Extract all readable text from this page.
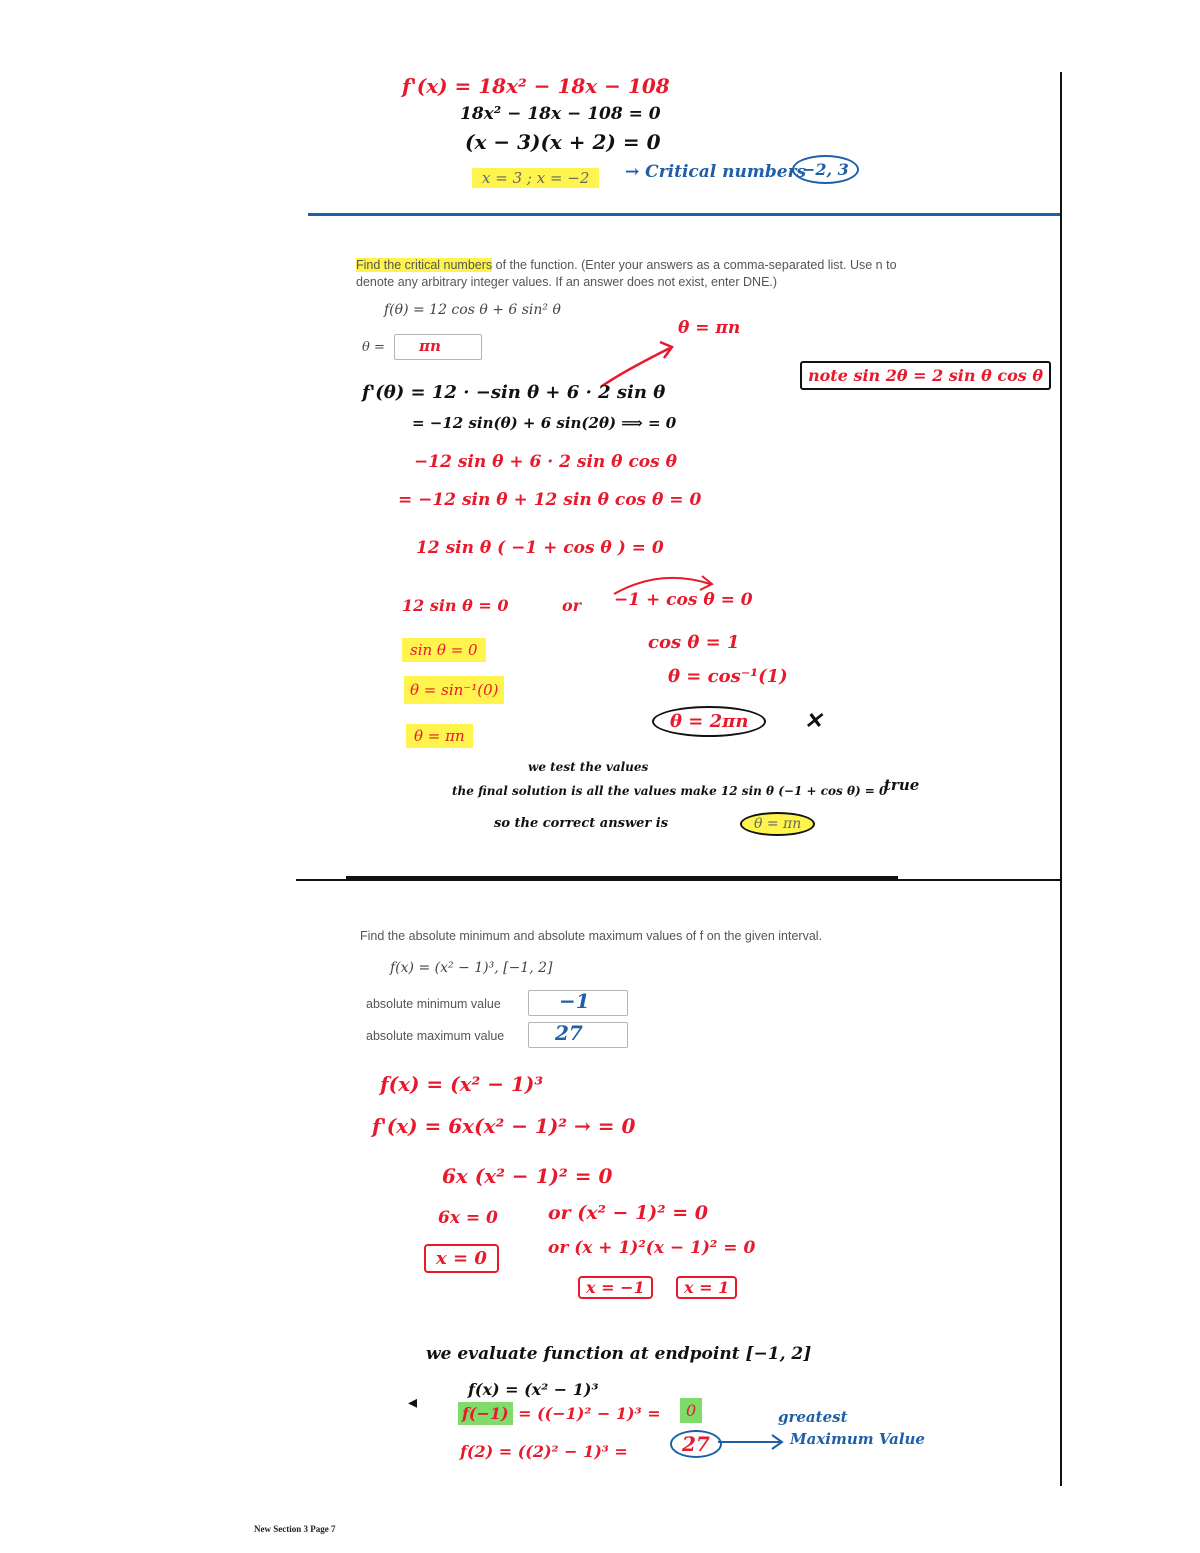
f'(x) = 18x² − 18x − 108
18x² − 18x − 108 = 0
(x − 3)(x + 2) = 0
x = 3 ; x = −2	→ Critical numbers
−2, 3
Find the critical numbers of the function. (Enter your answers as a comma-separated list. Use n to denote any arbitrary integer values. If an answer does not exist, enter DNE.)
f(θ) = 12 cos θ + 6 sin² θ
θ = πn
θ = πn
note sin 2θ = 2 sin θ cos θ
f'(θ) = 12 · −sin θ + 6 · 2 sin θ
= −12 sin(θ) + 6 sin(2θ) ⟹ = 0
−12 sin θ + 6 · 2 sin θ cos θ
= −12 sin θ + 12 sin θ cos θ = 0
12 sin θ ( −1 + cos θ ) = 0
12 sin θ = 0	or −1 + cos θ = 0
sin θ = 0	cos θ = 1
θ = sin⁻¹(0)
θ = cos⁻¹(1)
θ = πn
θ = 2πn	✕
we test the values
the final solution is all the values make 12 sin θ (−1 + cos θ) = 0
true
so the correct answer is	θ = πn
Find the absolute minimum and absolute maximum values of f on the given interval.
f(x) = (x² − 1)³, [−1, 2]
absolute minimum value	−1
absolute maximum value	27
f(x) = (x² − 1)³
f'(x) = 6x(x² − 1)² → = 0
6x (x² − 1)² = 0
6x = 0	or (x² − 1)² = 0
x = 0	or (x + 1)²(x − 1)² = 0
x = −1	x = 1
we evaluate function at endpoint [−1, 2]
f(x) = (x² − 1)³
f(−1) = ((−1)² − 1)³ =	0
f(2) = ((2)² − 1)³ =	27
greatest
Maximum Value
◂
New Section 3 Page 7
